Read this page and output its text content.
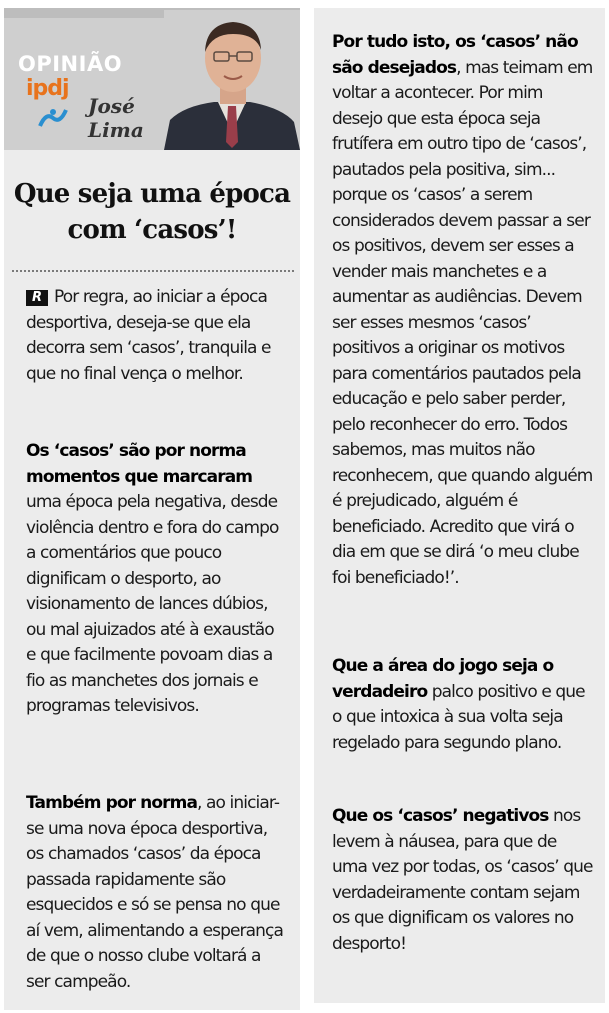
OPINIÃO
ipdj
José
Lima
Que seja uma época
com ‘casos’!

R Por regra, ao iniciar a época desportiva, deseja-se que ela decorra sem ‘casos’, tranquila e que no final vença o melhor.

Os ‘casos’ são por norma momentos que marcaram uma época pela negativa, desde violência dentro e fora do campo a comentários que pouco dignificam o desporto, ao visionamento de lances dúbios, ou mal ajuizados até à exaustão e que facilmente povoam dias a fio as manchetes dos jornais e programas televisivos.

Também por norma, ao iniciar-se uma nova época desportiva, os chamados ‘casos’ da época passada rapidamente são esquecidos e só se pensa no que aí vem, alimentando a esperança de que o nosso clube voltará a ser campeão.

Por tudo isto, os ‘casos’ não são desejados, mas teimam em voltar a acontecer. Por mim desejo que esta época seja frutífera em outro tipo de ‘casos’, pautados pela positiva, sim... porque os ‘casos’ a serem considerados devem passar a ser os positivos, devem ser esses a vender mais manchetes e a aumentar as audiências. Devem ser esses mesmos ‘casos’ positivos a originar os motivos para comentários pautados pela educação e pelo saber perder, pelo reconhecer do erro. Todos sabemos, mas muitos não reconhecem, que quando alguém é prejudicado, alguém é beneficiado. Acredito que virá o dia em que se dirá ‘o meu clube foi beneficiado!’.

Que a área do jogo seja o verdadeiro palco positivo e que o que intoxica à sua volta seja regelado para segundo plano.

Que os ‘casos’ negativos nos levem à náusea, para que de uma vez por todas, os ‘casos’ que verdadeiramente contam sejam os que dignificam os valores no desporto!
